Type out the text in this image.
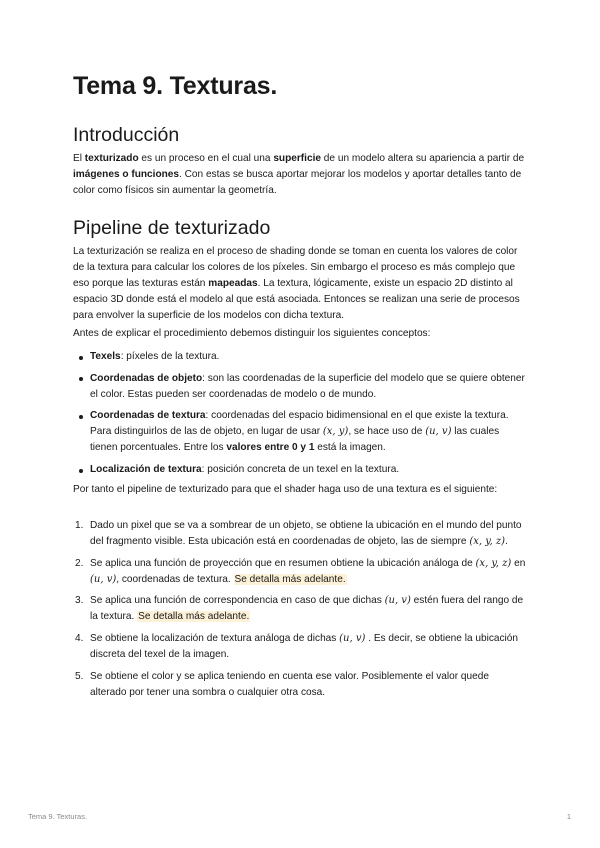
Tema 9. Texturas.
Introducción

El texturizado es un proceso en el cual una superficie de un modelo altera su apariencia a partir de imágenes o funciones. Con estas se busca aportar mejorar los modelos y aportar detalles tanto de color como físicos sin aumentar la geometría.

Pipeline de texturizado

La texturización se realiza en el proceso de shading donde se toman en cuenta los valores de color de la textura para calcular los colores de los píxeles. Sin embargo el proceso es más complejo que eso porque las texturas están mapeadas. La textura, lógicamente, existe un espacio 2D distinto al espacio 3D donde está el modelo al que está asociada. Entonces se realizan una serie de procesos para envolver la superficie de los modelos con dicha textura.

Antes de explicar el procedimiento debemos distinguir los siguientes conceptos:

Texels: píxeles de la textura.
Coordenadas de objeto: son las coordenadas de la superficie del modelo que se quiere obtener el color. Estas pueden ser coordenadas de modelo o de mundo.
Coordenadas de textura: coordenadas del espacio bidimensional en el que existe la textura. Para distinguirlos de las de objeto, en lugar de usar (x, y), se hace uso de (u, v) las cuales tienen porcentuales. Entre los valores entre 0 y 1 está la imagen.
Localización de textura: posición concreta de un texel en la textura.

Por tanto el pipeline de texturizado para que el shader haga uso de una textura es el siguiente:

1. Dado un pixel que se va a sombrear de un objeto, se obtiene la ubicación en el mundo del punto del fragmento visible. Esta ubicación está en coordenadas de objeto, las de siempre (x, y, z).
2. Se aplica una función de proyección que en resumen obtiene la ubicación análoga de (x, y, z) en (u, v), coordenadas de textura. Se detalla más adelante.
3. Se aplica una función de correspondencia en caso de que dichas (u, v) estén fuera del rango de la textura. Se detalla más adelante.
4. Se obtiene la localización de textura análoga de dichas (u, v) . Es decir, se obtiene la ubicación discreta del texel de la imagen.
5. Se obtiene el color y se aplica teniendo en cuenta ese valor. Posiblemente el valor quede alterado por tener una sombra o cualquier otra cosa.
Tema 9. Texturas.	1
